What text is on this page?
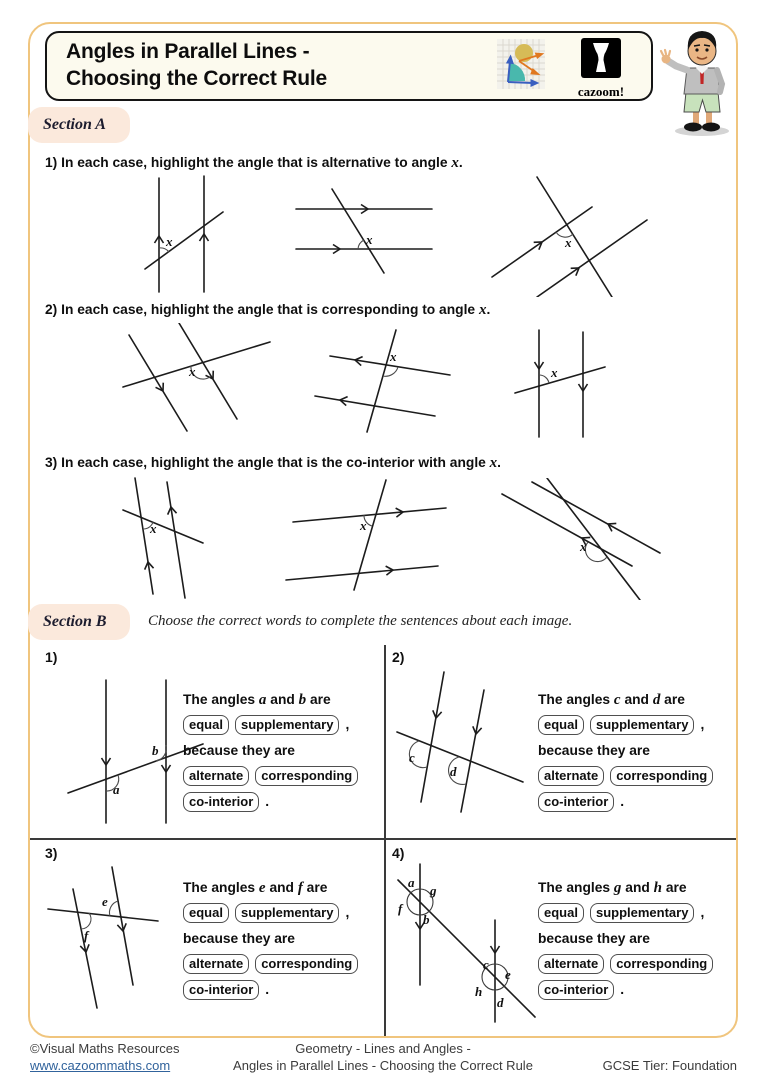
Angles in Parallel Lines -
Choosing the Correct Rule
cazoom!
Section A
1) In each case, highlight the angle that is alternative to angle x.
x	x	x
2) In each case, highlight the angle that is corresponding to angle x.
x
x
x
3) In each case, highlight the angle that is the co-interior with angle x.
x	x
x
Section B	Choose the correct words to complete the sentences about each image.
1)	2)
3)	4)
a
b
The angles a and b are
equal	supplementary ,
because they are
alternate	corresponding
co-interior .
c
d
The angles c and d are
equal	supplementary ,
because they are
alternate	corresponding
co-interior .
e
f
The angles e and f are
equal	supplementary ,
because they are
alternate	corresponding
co-interior .
a
g
f
b
c
e
h
d
The angles g and h are
equal	supplementary ,
because they are
alternate	corresponding
co-interior .
©Visual Maths Resources
www.cazoommaths.com
Geometry - Lines and Angles -
Angles in Parallel Lines - Choosing the Correct Rule	GCSE Tier: Foundation
